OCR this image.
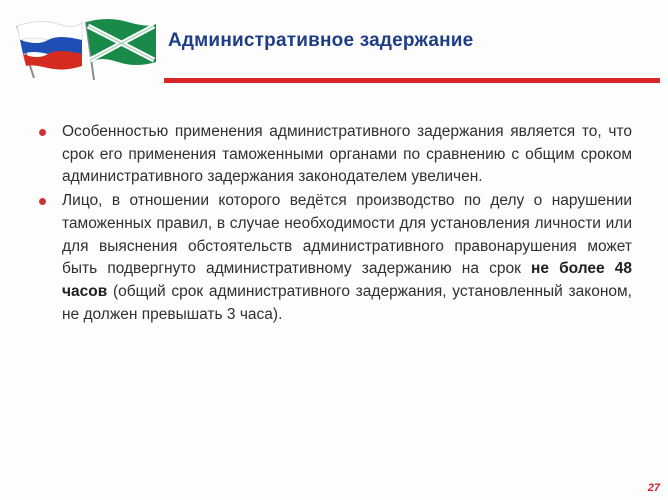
Административное задержание
Особенностью применения административного задержания является то, что срок его применения таможенными органами по сравнению с общим сроком административного задержания законодателем увеличен.
Лицо, в отношении которого ведётся производство по делу о нарушении таможенных правил, в случае необходимости для установления личности или для выяснения обстоятельств административного правонарушения может быть подвергнуто административному задержанию на срок не более 48 часов (общий срок административного задержания, установленный законом, не должен превышать 3 часа).
27
